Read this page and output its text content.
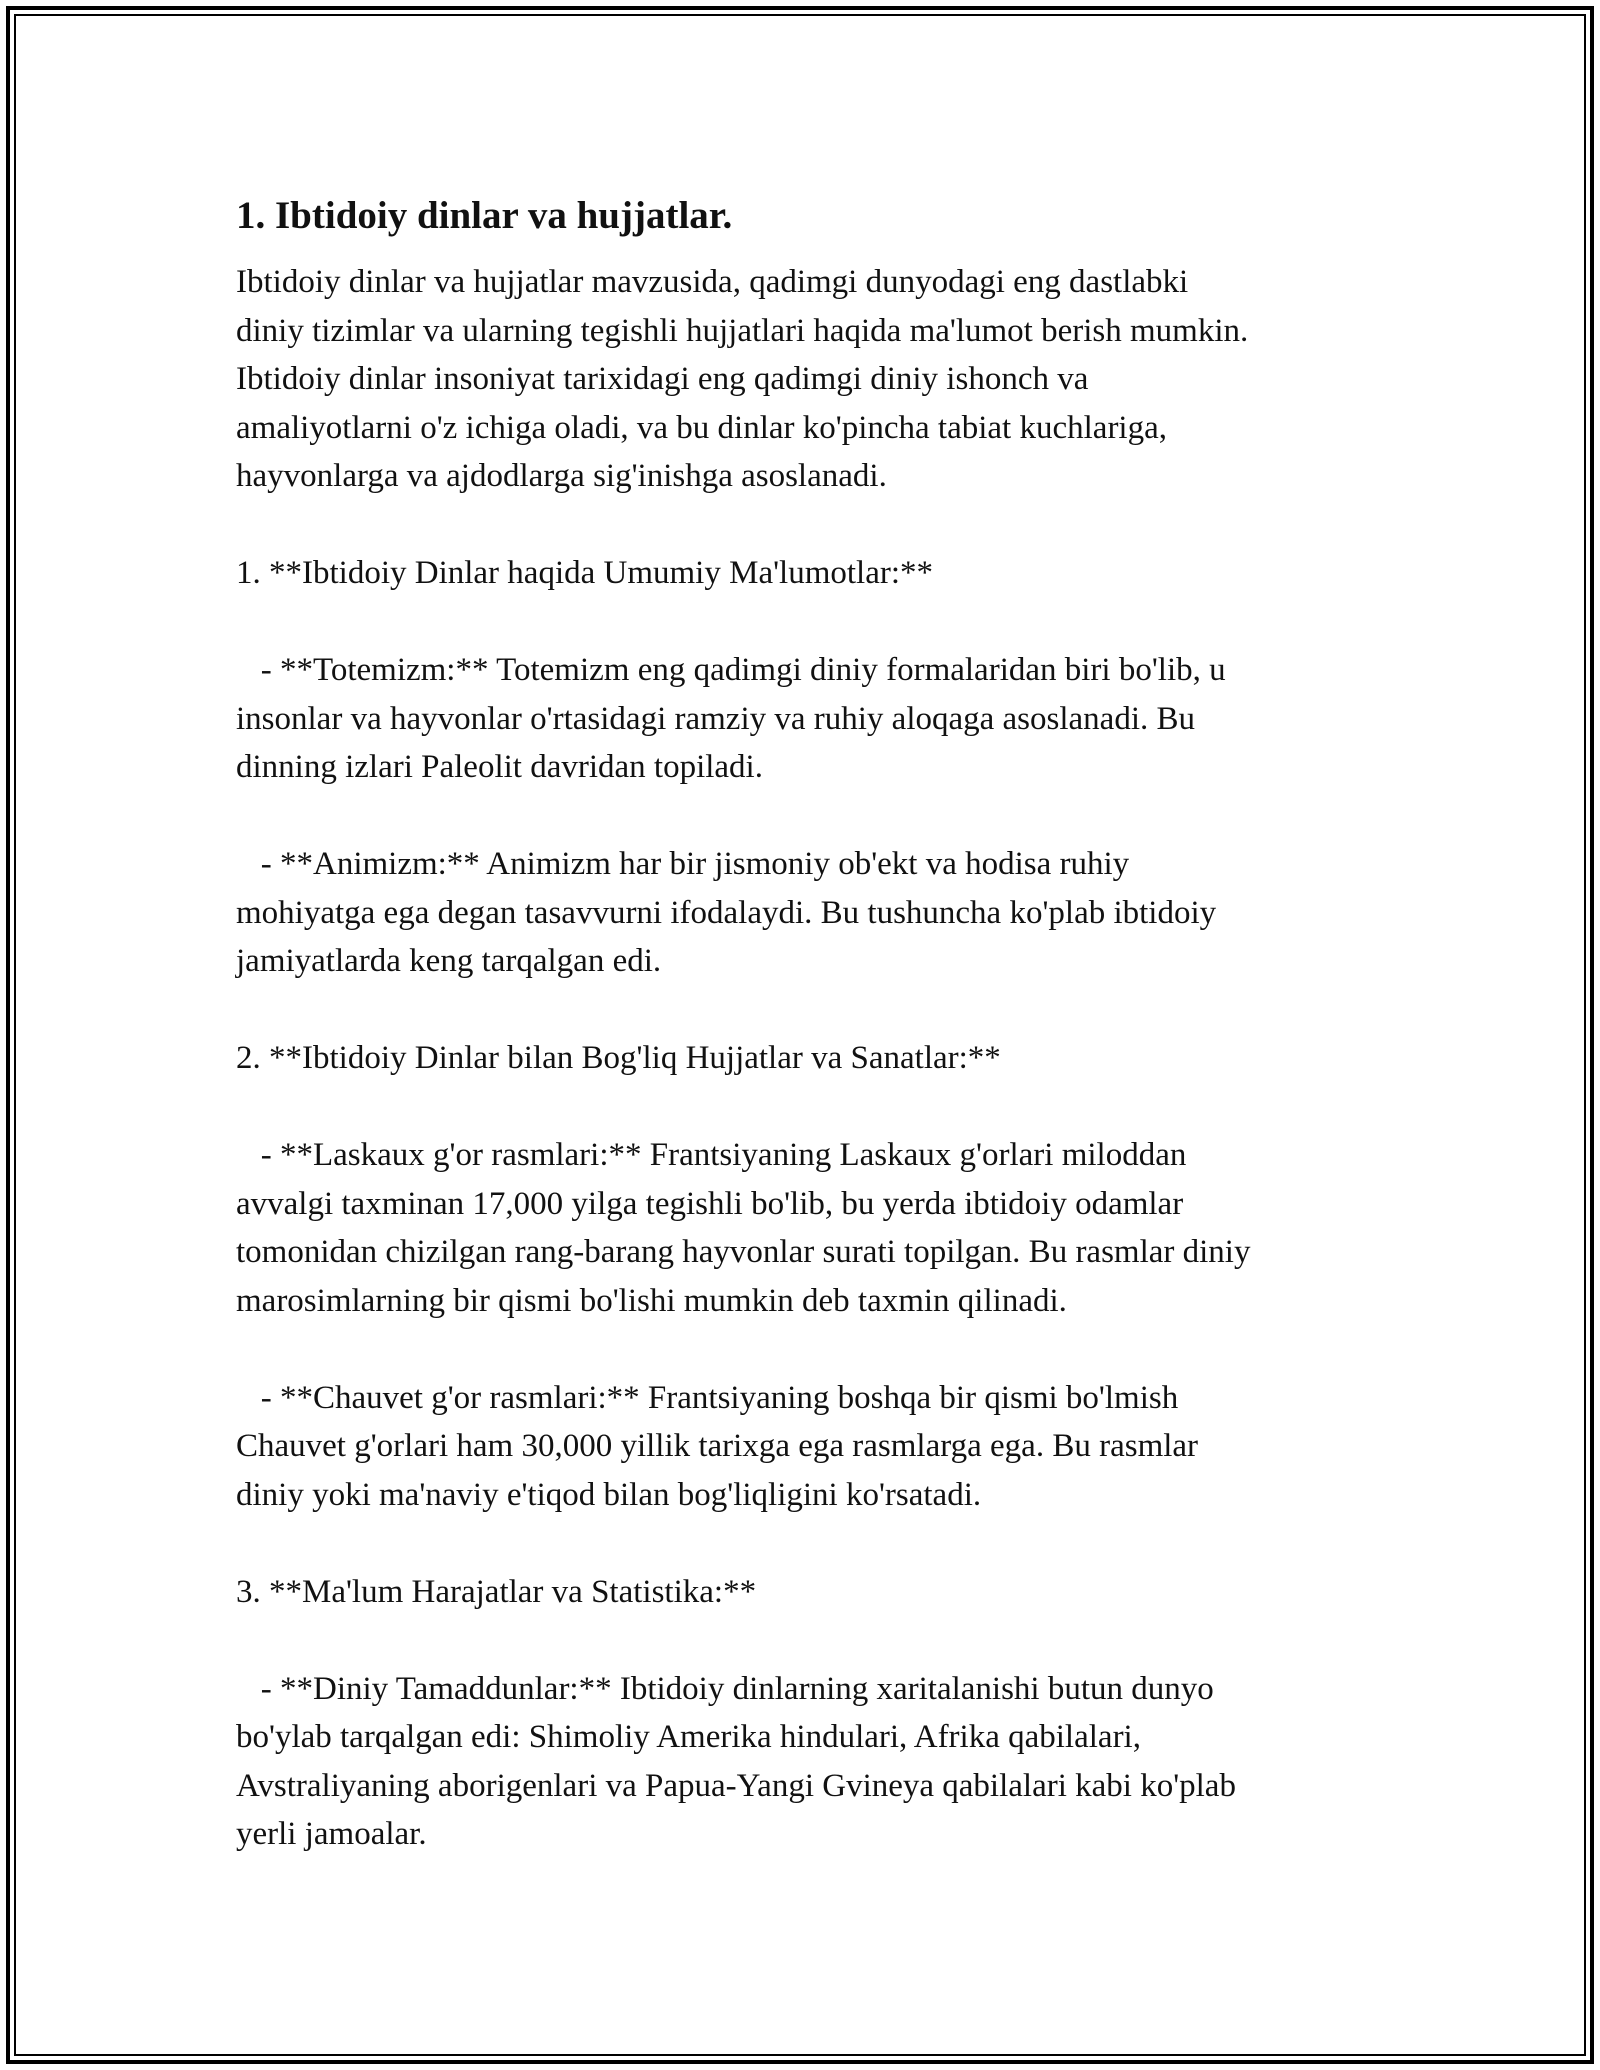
1. Ibtidoiy dinlar va hujjatlar.

Ibtidoiy dinlar va hujjatlar mavzusida, qadimgi dunyodagi eng dastlabki
diniy tizimlar va ularning tegishli hujjatlari haqida ma'lumot berish mumkin.
Ibtidoiy dinlar insoniyat tarixidagi eng qadimgi diniy ishonch va
amaliyotlarni o'z ichiga oladi, va bu dinlar ko'pincha tabiat kuchlariga,
hayvonlarga va ajdodlarga sig'inishga asoslanadi.

1. **Ibtidoiy Dinlar haqida Umumiy Ma'lumotlar:**

- **Totemizm:** Totemizm eng qadimgi diniy formalaridan biri bo'lib, u
insonlar va hayvonlar o'rtasidagi ramziy va ruhiy aloqaga asoslanadi. Bu
dinning izlari Paleolit davridan topiladi.

- **Animizm:** Animizm har bir jismoniy ob'ekt va hodisa ruhiy
mohiyatga ega degan tasavvurni ifodalaydi. Bu tushuncha ko'plab ibtidoiy
jamiyatlarda keng tarqalgan edi.

2. **Ibtidoiy Dinlar bilan Bog'liq Hujjatlar va Sanatlar:**

- **Laskaux g'or rasmlari:** Frantsiyaning Laskaux g'orlari miloddan
avvalgi taxminan 17,000 yilga tegishli bo'lib, bu yerda ibtidoiy odamlar
tomonidan chizilgan rang-barang hayvonlar surati topilgan. Bu rasmlar diniy
marosimlarning bir qismi bo'lishi mumkin deb taxmin qilinadi.

- **Chauvet g'or rasmlari:** Frantsiyaning boshqa bir qismi bo'lmish
Chauvet g'orlari ham 30,000 yillik tarixga ega rasmlarga ega. Bu rasmlar
diniy yoki ma'naviy e'tiqod bilan bog'liqligini ko'rsatadi.

3. **Ma'lum Harajatlar va Statistika:**

- **Diniy Tamaddunlar:** Ibtidoiy dinlarning xaritalanishi butun dunyo
bo'ylab tarqalgan edi: Shimoliy Amerika hindulari, Afrika qabilalari,
Avstraliyaning aborigenlari va Papua-Yangi Gvineya qabilalari kabi ko'plab
yerli jamoalar.
